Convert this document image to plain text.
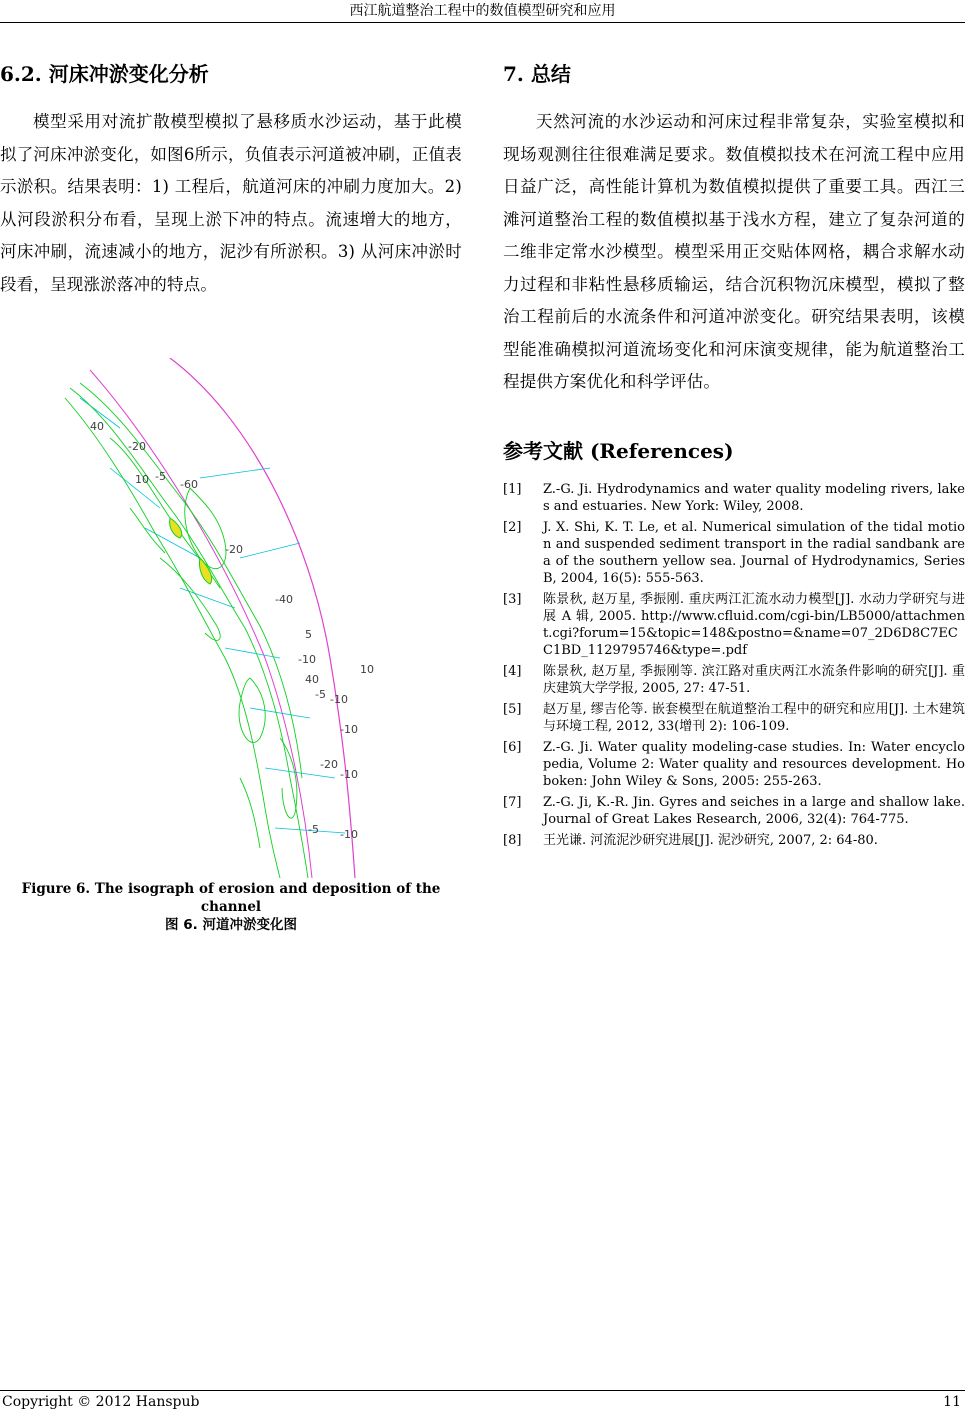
西江航道整治工程中的数值模型研究和应用
6.2. 河床冲淤变化分析

模型采用对流扩散模型模拟了悬移质水沙运动，基于此模拟了河床冲淤变化，如图6所示，负值表示河道被冲刷，正值表示淤积。结果表明：1) 工程后，航道河床的冲刷力度加大。2) 从河段淤积分布看，呈现上淤下冲的特点。流速增大的地方，河床冲刷，流速减小的地方，泥沙有所淤积。3) 从河床冲淤时段看，呈现涨淤落冲的特点。

40
-20
10 -5
-60
-20
-40
5
-10
40
-5 -10
10
-10
-20
-10
-5 -10
Figure 6. The isograph of erosion and deposition of the channel
图 6. 河道冲淤变化图
7. 总结

天然河流的水沙运动和河床过程非常复杂，实验室模拟和现场观测往往很难满足要求。数值模拟技术在河流工程中应用日益广泛，高性能计算机为数值模拟提供了重要工具。西江三滩河道整治工程的数值模拟基于浅水方程，建立了复杂河道的二维非定常水沙模型。模型采用正交贴体网格，耦合求解水动力过程和非粘性悬移质输运，结合沉积物沉床模型，模拟了整治工程前后的水流条件和河道冲淤变化。研究结果表明，该模型能准确模拟河道流场变化和河床演变规律，能为航道整治工程提供方案优化和科学评估。

参考文献 (References)
[1]	Z.-G. Ji. Hydrodynamics and water quality modeling rivers, lakes and estuaries. New York: Wiley, 2008.
[2]	J. X. Shi, K. T. Le, et al. Numerical simulation of the tidal motion and suspended sediment transport in the radial sandbank area of the southern yellow sea. Journal of Hydrodynamics, Series B, 2004, 16(5): 555-563.
[3]	陈景秋, 赵万星, 季振刚. 重庆两江汇流水动力模型[J]. 水动力学研究与进展 A 辑, 2005. http://www.cfluid.com/cgi-bin/LB5000/attachment.cgi?forum=15&topic=148&postno=&name=07_2D6D8C7ECC1BD_1129795746&type=.pdf
[4]	陈景秋, 赵万星, 季振刚等. 滨江路对重庆两江水流条件影响的研究[J]. 重庆建筑大学学报, 2005, 27: 47-51.
[5]	赵万星, 缪吉伦等. 嵌套模型在航道整治工程中的研究和应用[J]. 土木建筑与环境工程, 2012, 33(增刊 2): 106-109.
[6]	Z.-G. Ji. Water quality modeling-case studies. In: Water encyclopedia, Volume 2: Water quality and resources development. Hoboken: John Wiley & Sons, 2005: 255-263.
[7]	Z.-G. Ji, K.-R. Jin. Gyres and seiches in a large and shallow lake. Journal of Great Lakes Research, 2006, 32(4): 764-775.
[8]	王光谦. 河流泥沙研究进展[J]. 泥沙研究, 2007, 2: 64-80.
Copyright © 2012 Hanspub	11
